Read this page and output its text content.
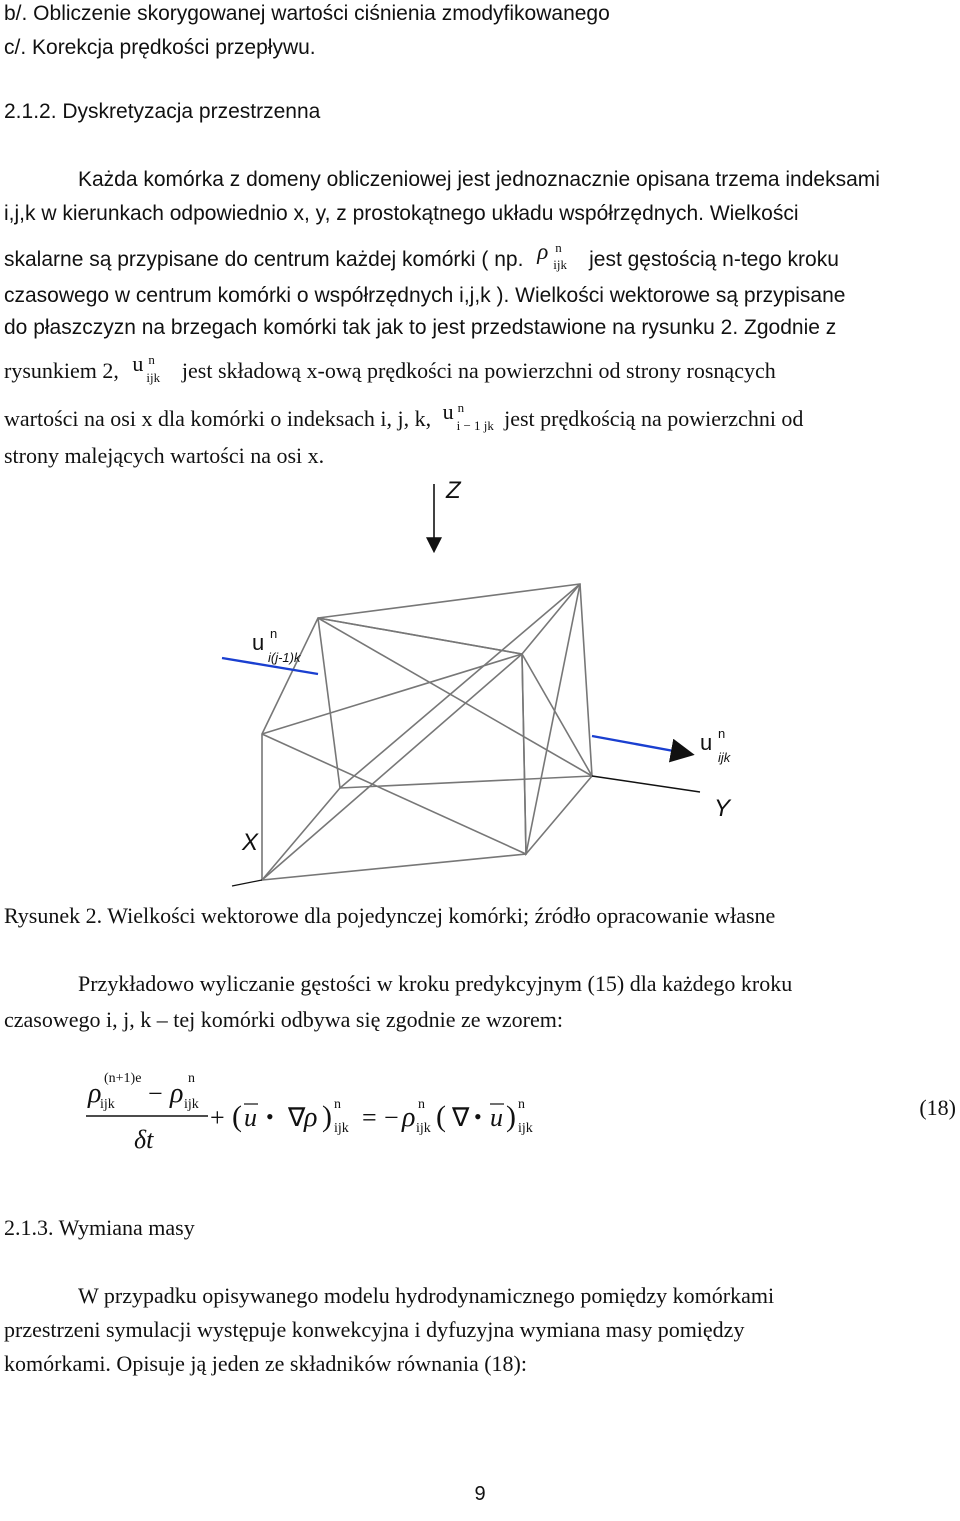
b/. Obliczenie skorygowanej wartości ciśnienia zmodyfikowanego
c/. Korekcja prędkości przepływu.
2.1.2. Dyskretyzacja przestrzenna
Każda komórka z domeny obliczeniowej jest jednoznacznie opisana trzema indeksami
i,j,k w kierunkach odpowiednio x, y, z prostokątnego układu współrzędnych. Wielkości
skalarne są przypisane do centrum każdej komórki ( np. ρ n
ijk jest gęstością n-tego kroku
czasowego w centrum komórki o współrzędnych i,j,k ). Wielkości wektorowe są przypisane
do płaszczyzn na brzegach komórki tak jak to jest przedstawione na rysunku 2. Zgodnie z
rysunkiem 2, u n
ijk jest składową x-ową prędkości na powierzchni od strony rosnących
wartości na osi x dla komórki o indeksach i, j, k, u n
i − 1 jk jest prędkością na powierzchni od
strony malejących wartości na osi x.
Z
Y
X
u n
i(j-1)k
u n
ijk
Rysunek 2. Wielkości wektorowe dla pojedynczej komórki; źródło opracowanie własne
Przykładowo wyliczanie gęstości w kroku predykcyjnym (15) dla każdego kroku
czasowego i, j, k – tej komórki odbywa się zgodnie ze wzorem:
ρ (n+1)e
ijk − ρ n
ijk
δt
+ ( u • ∇
ρ ) n
ijk = − ρ n
ijk ( ∇ • u ) n
ijk
(18)
2.1.3. Wymiana masy
W przypadku opisywanego modelu hydrodynamicznego pomiędzy komórkami
przestrzeni symulacji występuje konwekcyjna i dyfuzyjna wymiana masy pomiędzy
komórkami. Opisuje ją jeden ze składników równania (18):
9
